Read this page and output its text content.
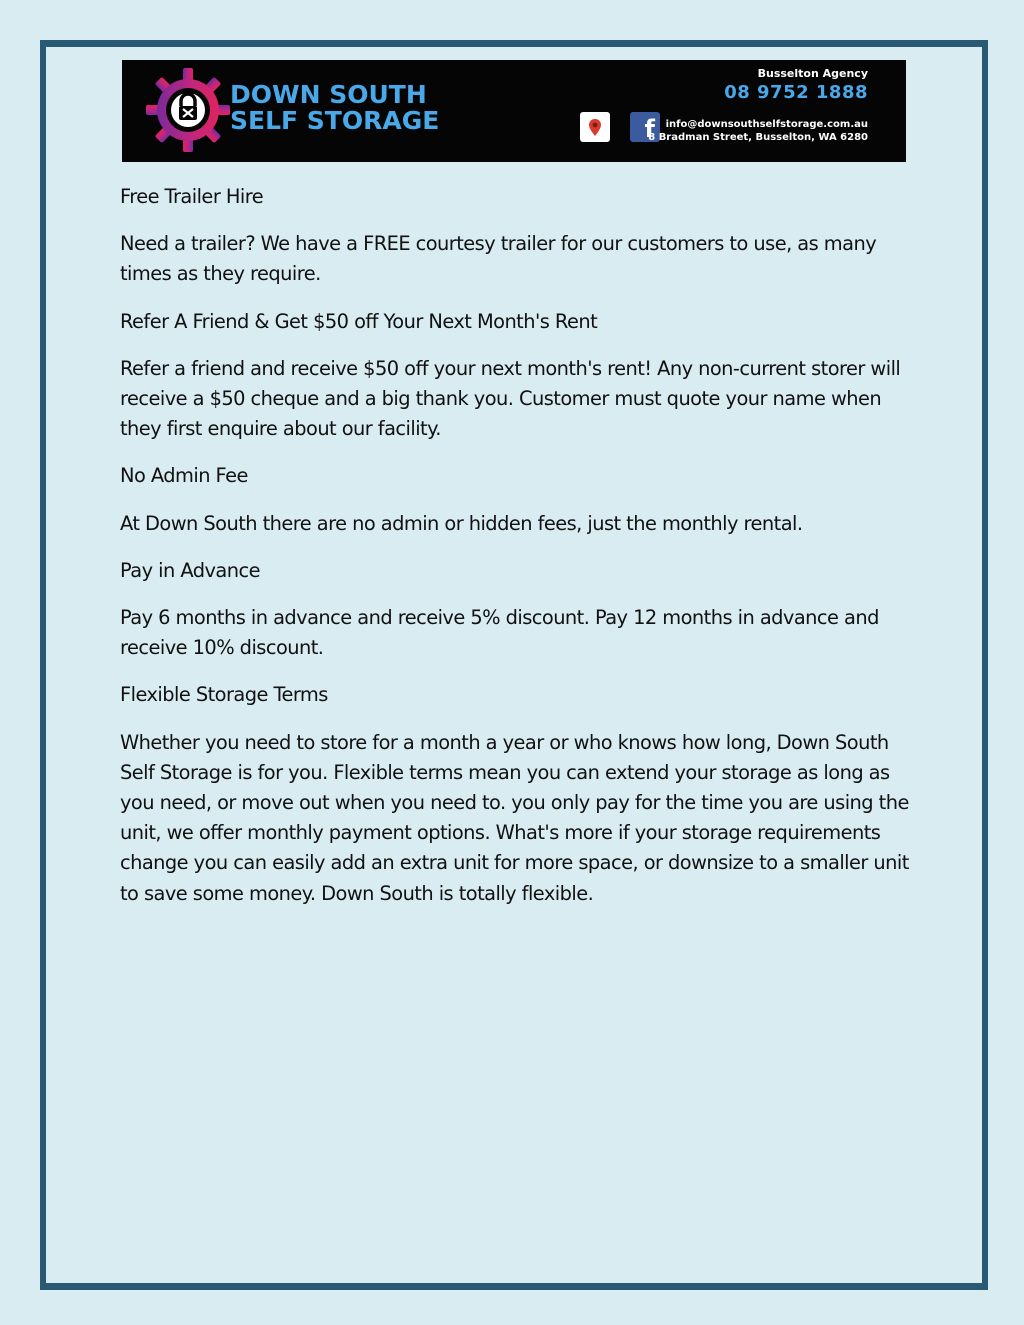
DOWN SOUTH
SELF STORAGE	f
Busselton Agency
08 9752 1888
info@downsouthselfstorage.com.au
8 Bradman Street, Busselton, WA 6280

Free Trailer Hire

Need a trailer? We have a FREE courtesy trailer for our customers to use, as many times as they require.

Refer A Friend & Get $50 off Your Next Month's Rent

Refer a friend and receive $50 off your next month's rent! Any non-current storer will receive a $50 cheque and a big thank you. Customer must quote your name when they first enquire about our facility.

No Admin Fee

At Down South there are no admin or hidden fees, just the monthly rental.

Pay in Advance

Pay 6 months in advance and receive 5% discount. Pay 12 months in advance and receive 10% discount.

Flexible Storage Terms

Whether you need to store for a month a year or who knows how long, Down South Self Storage is for you. Flexible terms mean you can extend your storage as long as you need, or move out when you need to. you only pay for the time you are using the unit, we offer monthly payment options. What's more if your storage requirements change you can easily add an extra unit for more space, or downsize to a smaller unit to save some money. Down South is totally flexible.
